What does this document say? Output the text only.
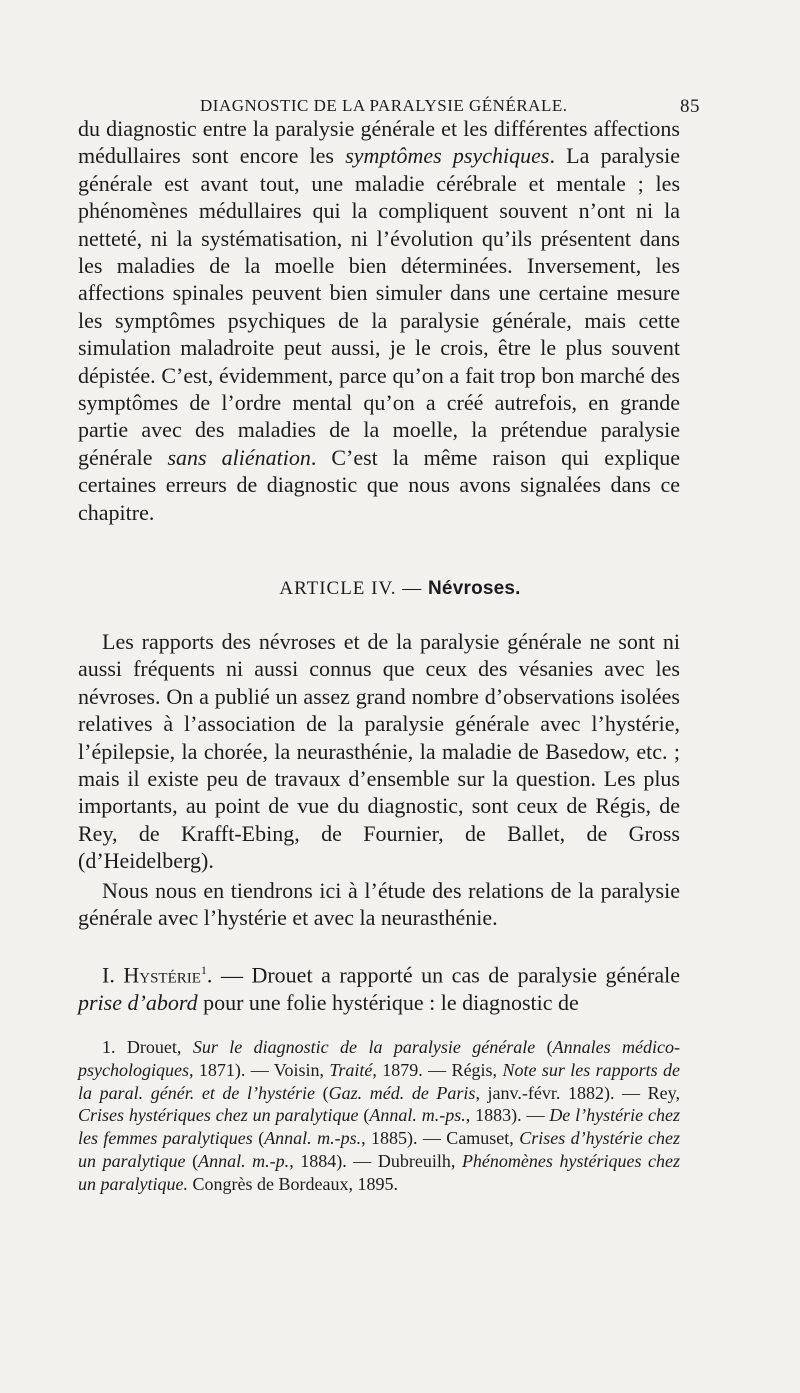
DIAGNOSTIC DE LA PARALYSIE GÉNÉRALE.	85

du diagnostic entre la paralysie générale et les différentes affections médullaires sont encore les symptômes psychiques. La paralysie générale est avant tout, une maladie cérébrale et mentale ; les phénomènes médullaires qui la compliquent souvent n’ont ni la netteté, ni la systématisation, ni l’évolution qu’ils présentent dans les maladies de la moelle bien déterminées. Inversement, les affections spinales peuvent bien simuler dans une certaine mesure les symptômes psychiques de la paralysie générale, mais cette simulation maladroite peut aussi, je le crois, être le plus souvent dépistée. C’est, évidemment, parce qu’on a fait trop bon marché des symptômes de l’ordre mental qu’on a créé autrefois, en grande partie avec des maladies de la moelle, la prétendue paralysie générale sans aliénation. C’est la même raison qui explique certaines erreurs de diagnostic que nous avons signalées dans ce chapitre.

ARTICLE IV. — Névroses.

Les rapports des névroses et de la paralysie générale ne sont ni aussi fréquents ni aussi connus que ceux des vésanies avec les névroses. On a publié un assez grand nombre d’observations isolées relatives à l’association de la paralysie générale avec l’hystérie, l’épilepsie, la chorée, la neurasthénie, la maladie de Basedow, etc. ; mais il existe peu de travaux d’ensemble sur la question. Les plus importants, au point de vue du diagnostic, sont ceux de Régis, de Rey, de Krafft-Ebing, de Fournier, de Ballet, de Gross (d’Heidelberg).

Nous nous en tiendrons ici à l’étude des relations de la paralysie générale avec l’hystérie et avec la neurasthénie.

I. Hystérie$^1$. — Drouet a rapporté un cas de paralysie générale prise d’abord pour une folie hystérique : le diagnostic de

1. Drouet, Sur le diagnostic de la paralysie générale (Annales médico-psychologiques, 1871). — Voisin, Traité, 1879. — Régis, Note sur les rapports de la paral. génér. et de l’hystérie (Gaz. méd. de Paris, janv.-févr. 1882). — Rey, Crises hystériques chez un paralytique (Annal. m.-ps., 1883). — De l’hystérie chez les femmes paralytiques (Annal. m.-ps., 1885). — Camuset, Crises d’hystérie chez un paralytique (Annal. m.-p., 1884). — Dubreuilh, Phénomènes hystériques chez un paralytique. Congrès de Bordeaux, 1895.
